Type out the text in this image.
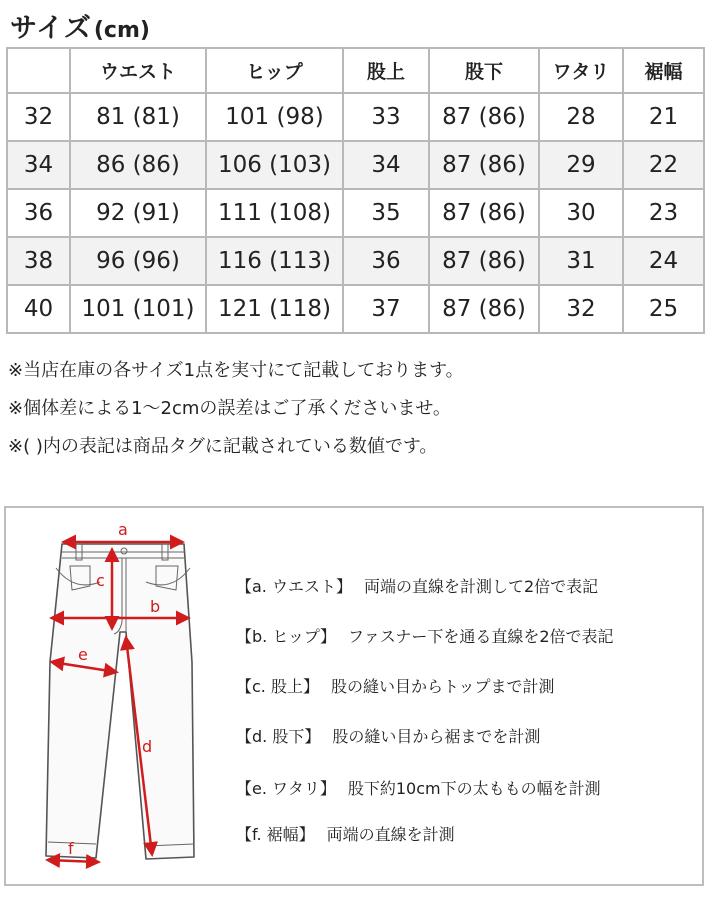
サイズ (cm)
	ウエスト	ヒップ	股上	股下	ワタリ	裾幅
32	81 (81)	101 (98)	33	87 (86)	28	21
34	86 (86)	106 (103)	34	87 (86)	29	22
36	92 (91)	111 (108)	35	87 (86)	30	23
38	96 (96)	116 (113)	36	87 (86)	31	24
40	101 (101)	121 (118)	37	87 (86)	32	25
※当店在庫の各サイズ1点を実寸にて記載しております。
※個体差による1〜2cmの誤差はご了承くださいませ。
※( )内の表記は商品タグに記載されている数値です。
a
c
b
e
d
f
【a. ウエスト】 両端の直線を計測して2倍で表記
【b. ヒップ】 ファスナー下を通る直線を2倍で表記
【c. 股上】 股の縫い目からトップまで計測
【d. 股下】 股の縫い目から裾までを計測
【e. ワタリ】 股下約10cm下の太ももの幅を計測
【f. 裾幅】 両端の直線を計測
